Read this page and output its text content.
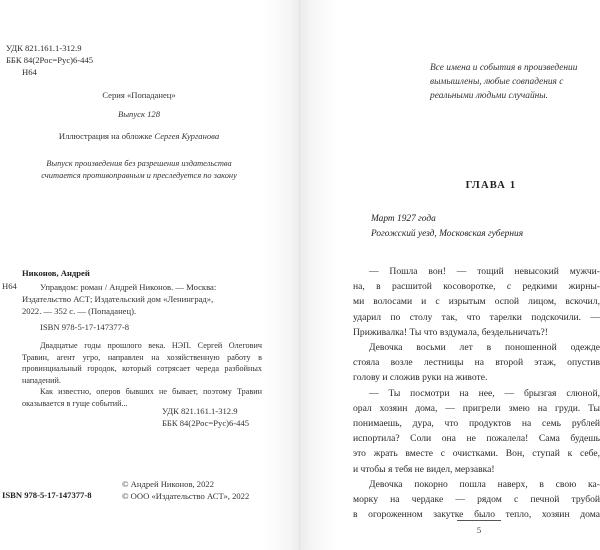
УДК 821.161.1-312.9
ББК 84(2Рос=Рус)6-445
Н64
Серия «Попаданец»
Выпуск 128
Иллюстрация на обложке Сергея Курганова
Выпуск произведения без разрешения издательства
считается противоправным и преследуется по закону
Никонов, Андрей
Н64	Управдом: роман / Андрей Никонов. — Москва:
Издательство АСТ; Издательский дом «Ленинград»,
2022. — 352 с. — (Попаданец).
ISBN 978-5-17-147377-8

Двадцатые годы прошлого века. НЭП. Сергей Олегович Травин, агент угро, направлен на хозяйственную работу в провинциальный городок, который сотрясает череда разбойных нападений.

Как известно, оперов бывших не бывает, поэтому Травин оказывается в гуще событий...

УДК 821.161.1-312.9
ББК 84(2Рос=Рус)6-445
ISBN 978-5-17-147377-8
© Андрей Никонов, 2022
© ООО «Издательство АСТ», 2022
Все имена и события в произведении вымышлены, любые совпадения с реальными людьми случайны.
ГЛАВА 1
Март 1927 года
Рогожский уезд, Московская губерния
— Пошла вон! — тощий невысокий мужчи-
на, в расшитой косоворотке, с редкими жирны-
ми волосами и с изрытым оспой лицом, вскочил,
ударил по столу так, что тарелки подскочили. —
Приживалка! Ты что вздумала, бездельничать?!
Девочка восьми лет в поношенной одежде
стояла возле лестницы на второй этаж, опустив
голову и сложив руки на животе.
— Ты посмотри на нее, — брызгая слюной,
орал хозяин дома, — пригрели змею на груди. Ты
понимаешь, дура, что продуктов на семь рублей
испортила? Соли она не пожалела! Сама будешь
это жрать вместе с очистками. Вон, ступай к себе,
и чтобы я тебя не видел, мерзавка!
Девочка покорно пошла наверх, в свою ка-
морку на чердаке — рядом с печной трубой
в огороженном закутке было тепло, хозяин дома
5
